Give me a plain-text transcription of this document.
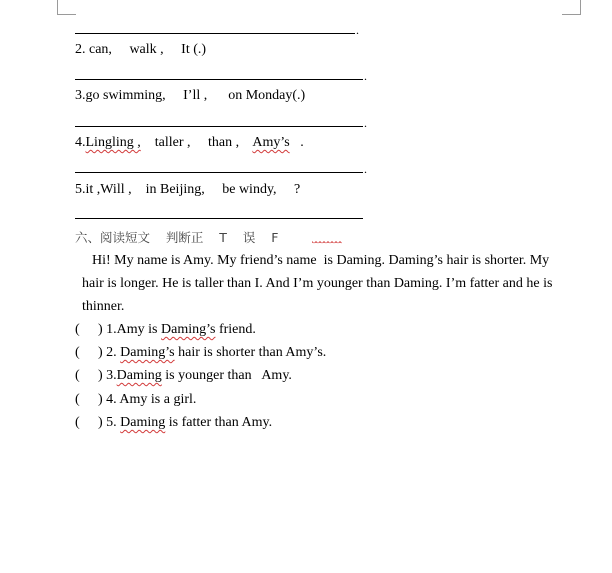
.
2. can, walk , It (.)
.
3.go swimming, I’ll , on Monday(.)
.
4.Lingling , taller , than , Amy’s .
.
5.it ,Will , in Beijing, be windy, ?
六、阅读短文    判断正    T    误    F
Hi! My name is Amy. My friend’s name  is Daming. Daming’s hair is shorter. My
hair is longer. He is taller than I. And I’m younger than Daming. I’m fatter and he is
thinner.
( ) 1.Amy is Daming’s friend.
( ) 2. Daming’s hair is shorter than Amy’s.
( ) 3.Daming is younger than   Amy.
( ) 4. Amy is a girl.
( ) 5. Daming is fatter than Amy.
